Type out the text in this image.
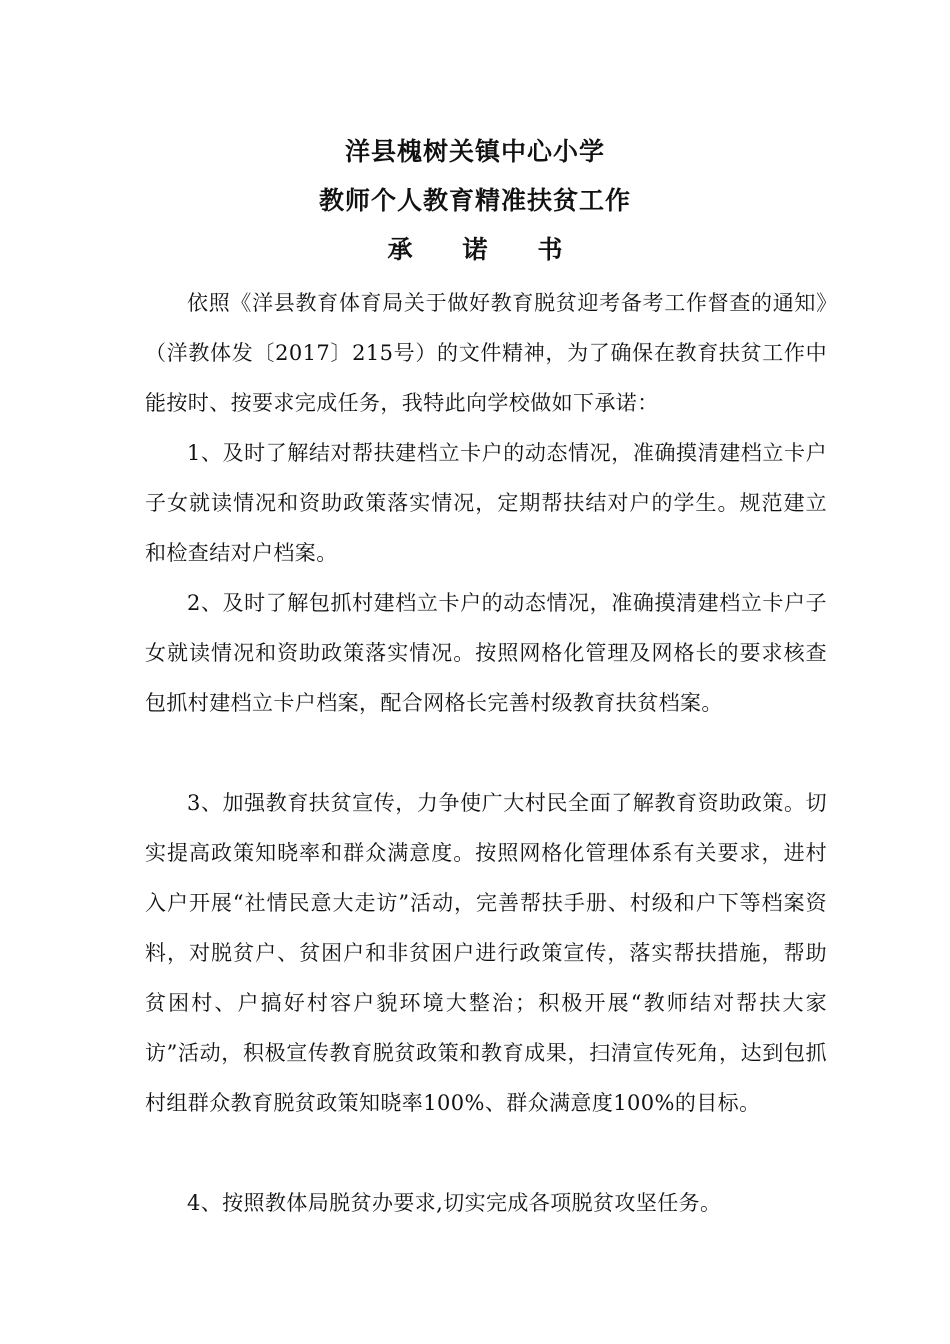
洋县槐树关镇中心小学
教师个人教育精准扶贫工作
承 诺 书

依照《洋县教育体育局关于做好教育脱贫迎考备考工作督查的通知》（洋教体发〔2017〕215号）的文件精神，为了确保在教育扶贫工作中能按时、按要求完成任务，我特此向学校做如下承诺：

1、及时了解结对帮扶建档立卡户的动态情况，准确摸清建档立卡户子女就读情况和资助政策落实情况，定期帮扶结对户的学生。规范建立和检查结对户档案。

2、及时了解包抓村建档立卡户的动态情况，准确摸清建档立卡户子女就读情况和资助政策落实情况。按照网格化管理及网格长的要求核查包抓村建档立卡户档案，配合网格长完善村级教育扶贫档案。

3、加强教育扶贫宣传，力争使广大村民全面了解教育资助政策。切实提高政策知晓率和群众满意度。按照网格化管理体系有关要求，进村入户开展“社情民意大走访”活动，完善帮扶手册、村级和户下等档案资料，对脱贫户、贫困户和非贫困户进行政策宣传，落实帮扶措施，帮助贫困村、户搞好村容户貌环境大整治；积极开展“教师结对帮扶大家访”活动，积极宣传教育脱贫政策和教育成果，扫清宣传死角，达到包抓村组群众教育脱贫政策知晓率100%、群众满意度100%的目标。

4、按照教体局脱贫办要求,切实完成各项脱贫攻坚任务。
